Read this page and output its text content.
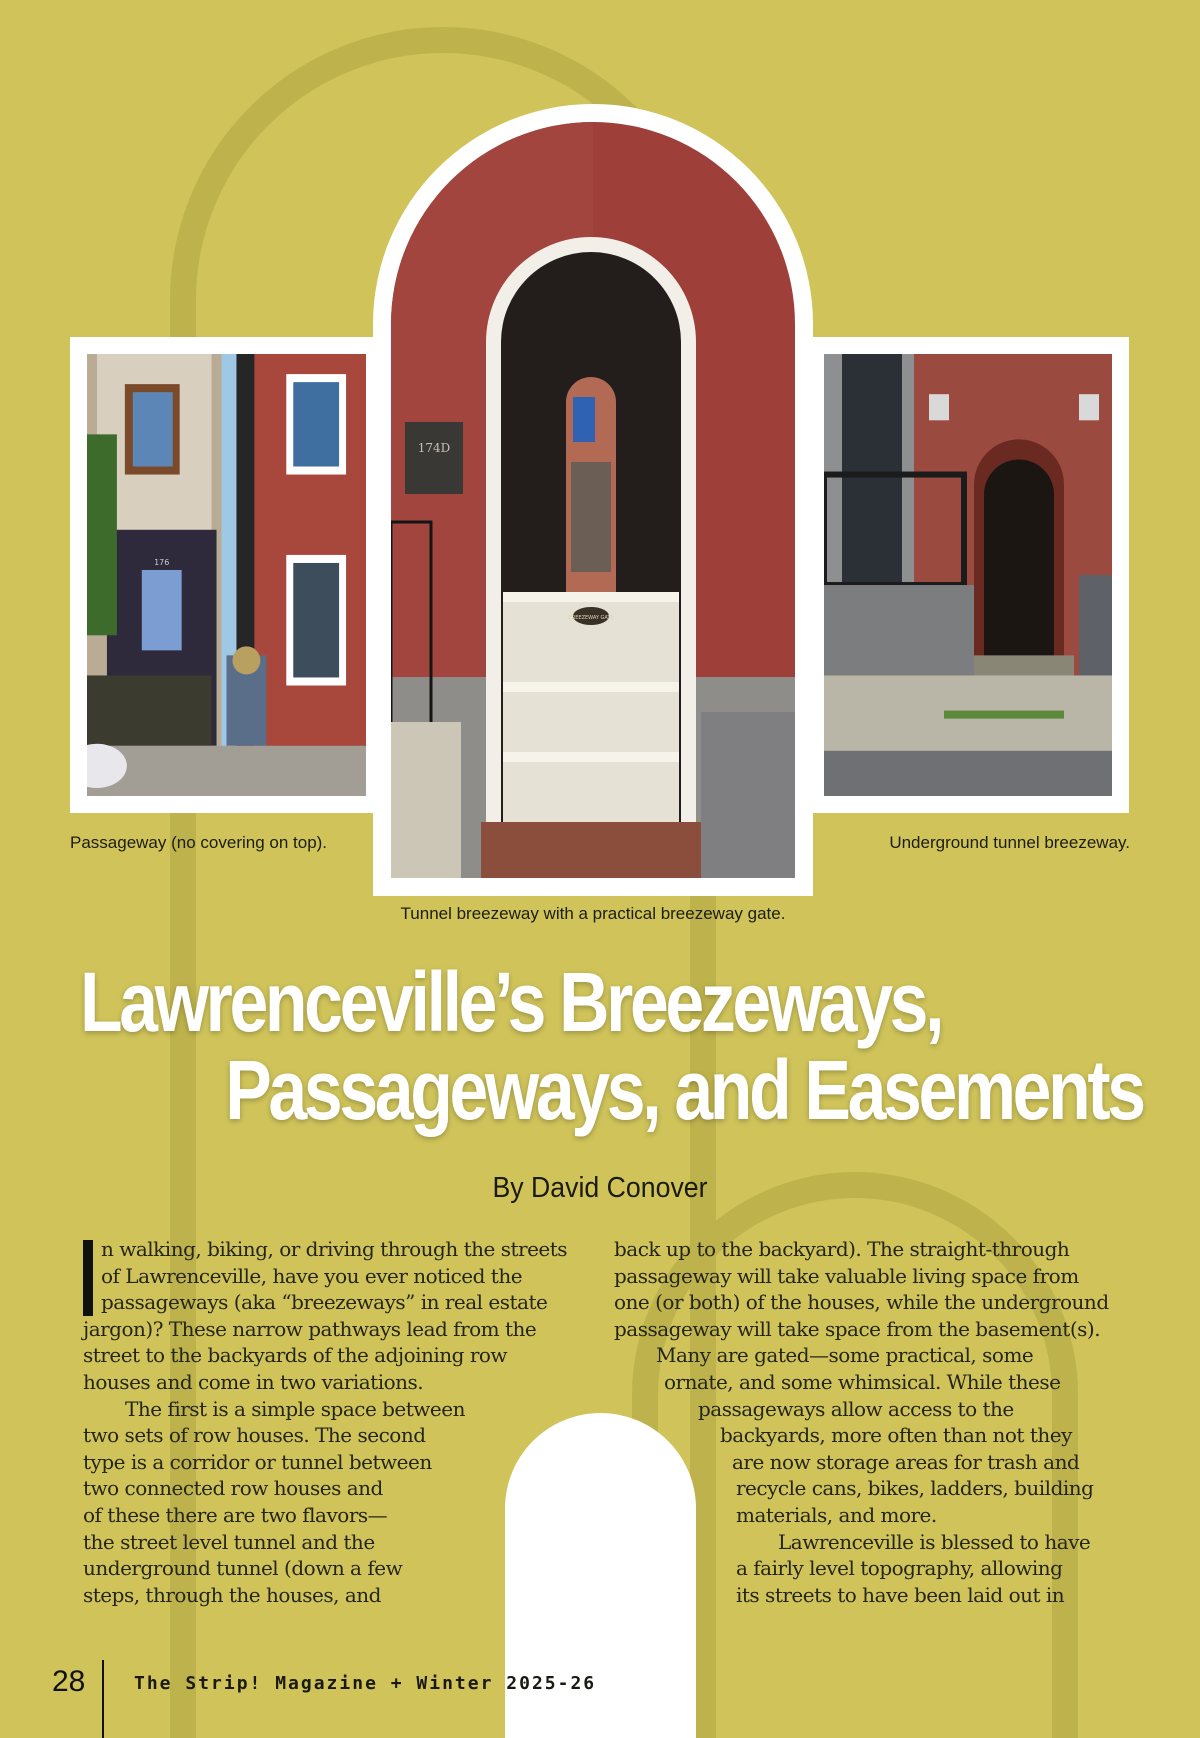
176
BREEZEWAY GATE
174D
Passageway (no covering on top).	Underground tunnel breezeway.
Tunnel breezeway with a practical breezeway gate.
Lawrenceville’s Breezeways,
Passageways, and Easements
By David Conover
n walking, biking, or driving through the streets
of Lawrenceville, have you ever noticed the
passageways (aka “breezeways” in real estate
jargon)? These narrow pathways lead from the
street to the backyards of the adjoining row
houses and come in two variations.
The first is a simple space between
two sets of row houses. The second
type is a corridor or tunnel between
two connected row houses and
of these there are two flavors—
the street level tunnel and the
underground tunnel (down a few
steps, through the houses, and
back up to the backyard). The straight-through
passageway will take valuable living space from
one (or both) of the houses, while the underground
passageway will take space from the basement(s).
Many are gated—some practical, some
ornate, and some whimsical. While these
passageways allow access to the
backyards, more often than not they
are now storage areas for trash and
recycle cans, bikes, ladders, building
materials, and more.
Lawrenceville is blessed to have
a fairly level topography, allowing
its streets to have been laid out in
28	The Strip! Magazine + Winter 2025-26
